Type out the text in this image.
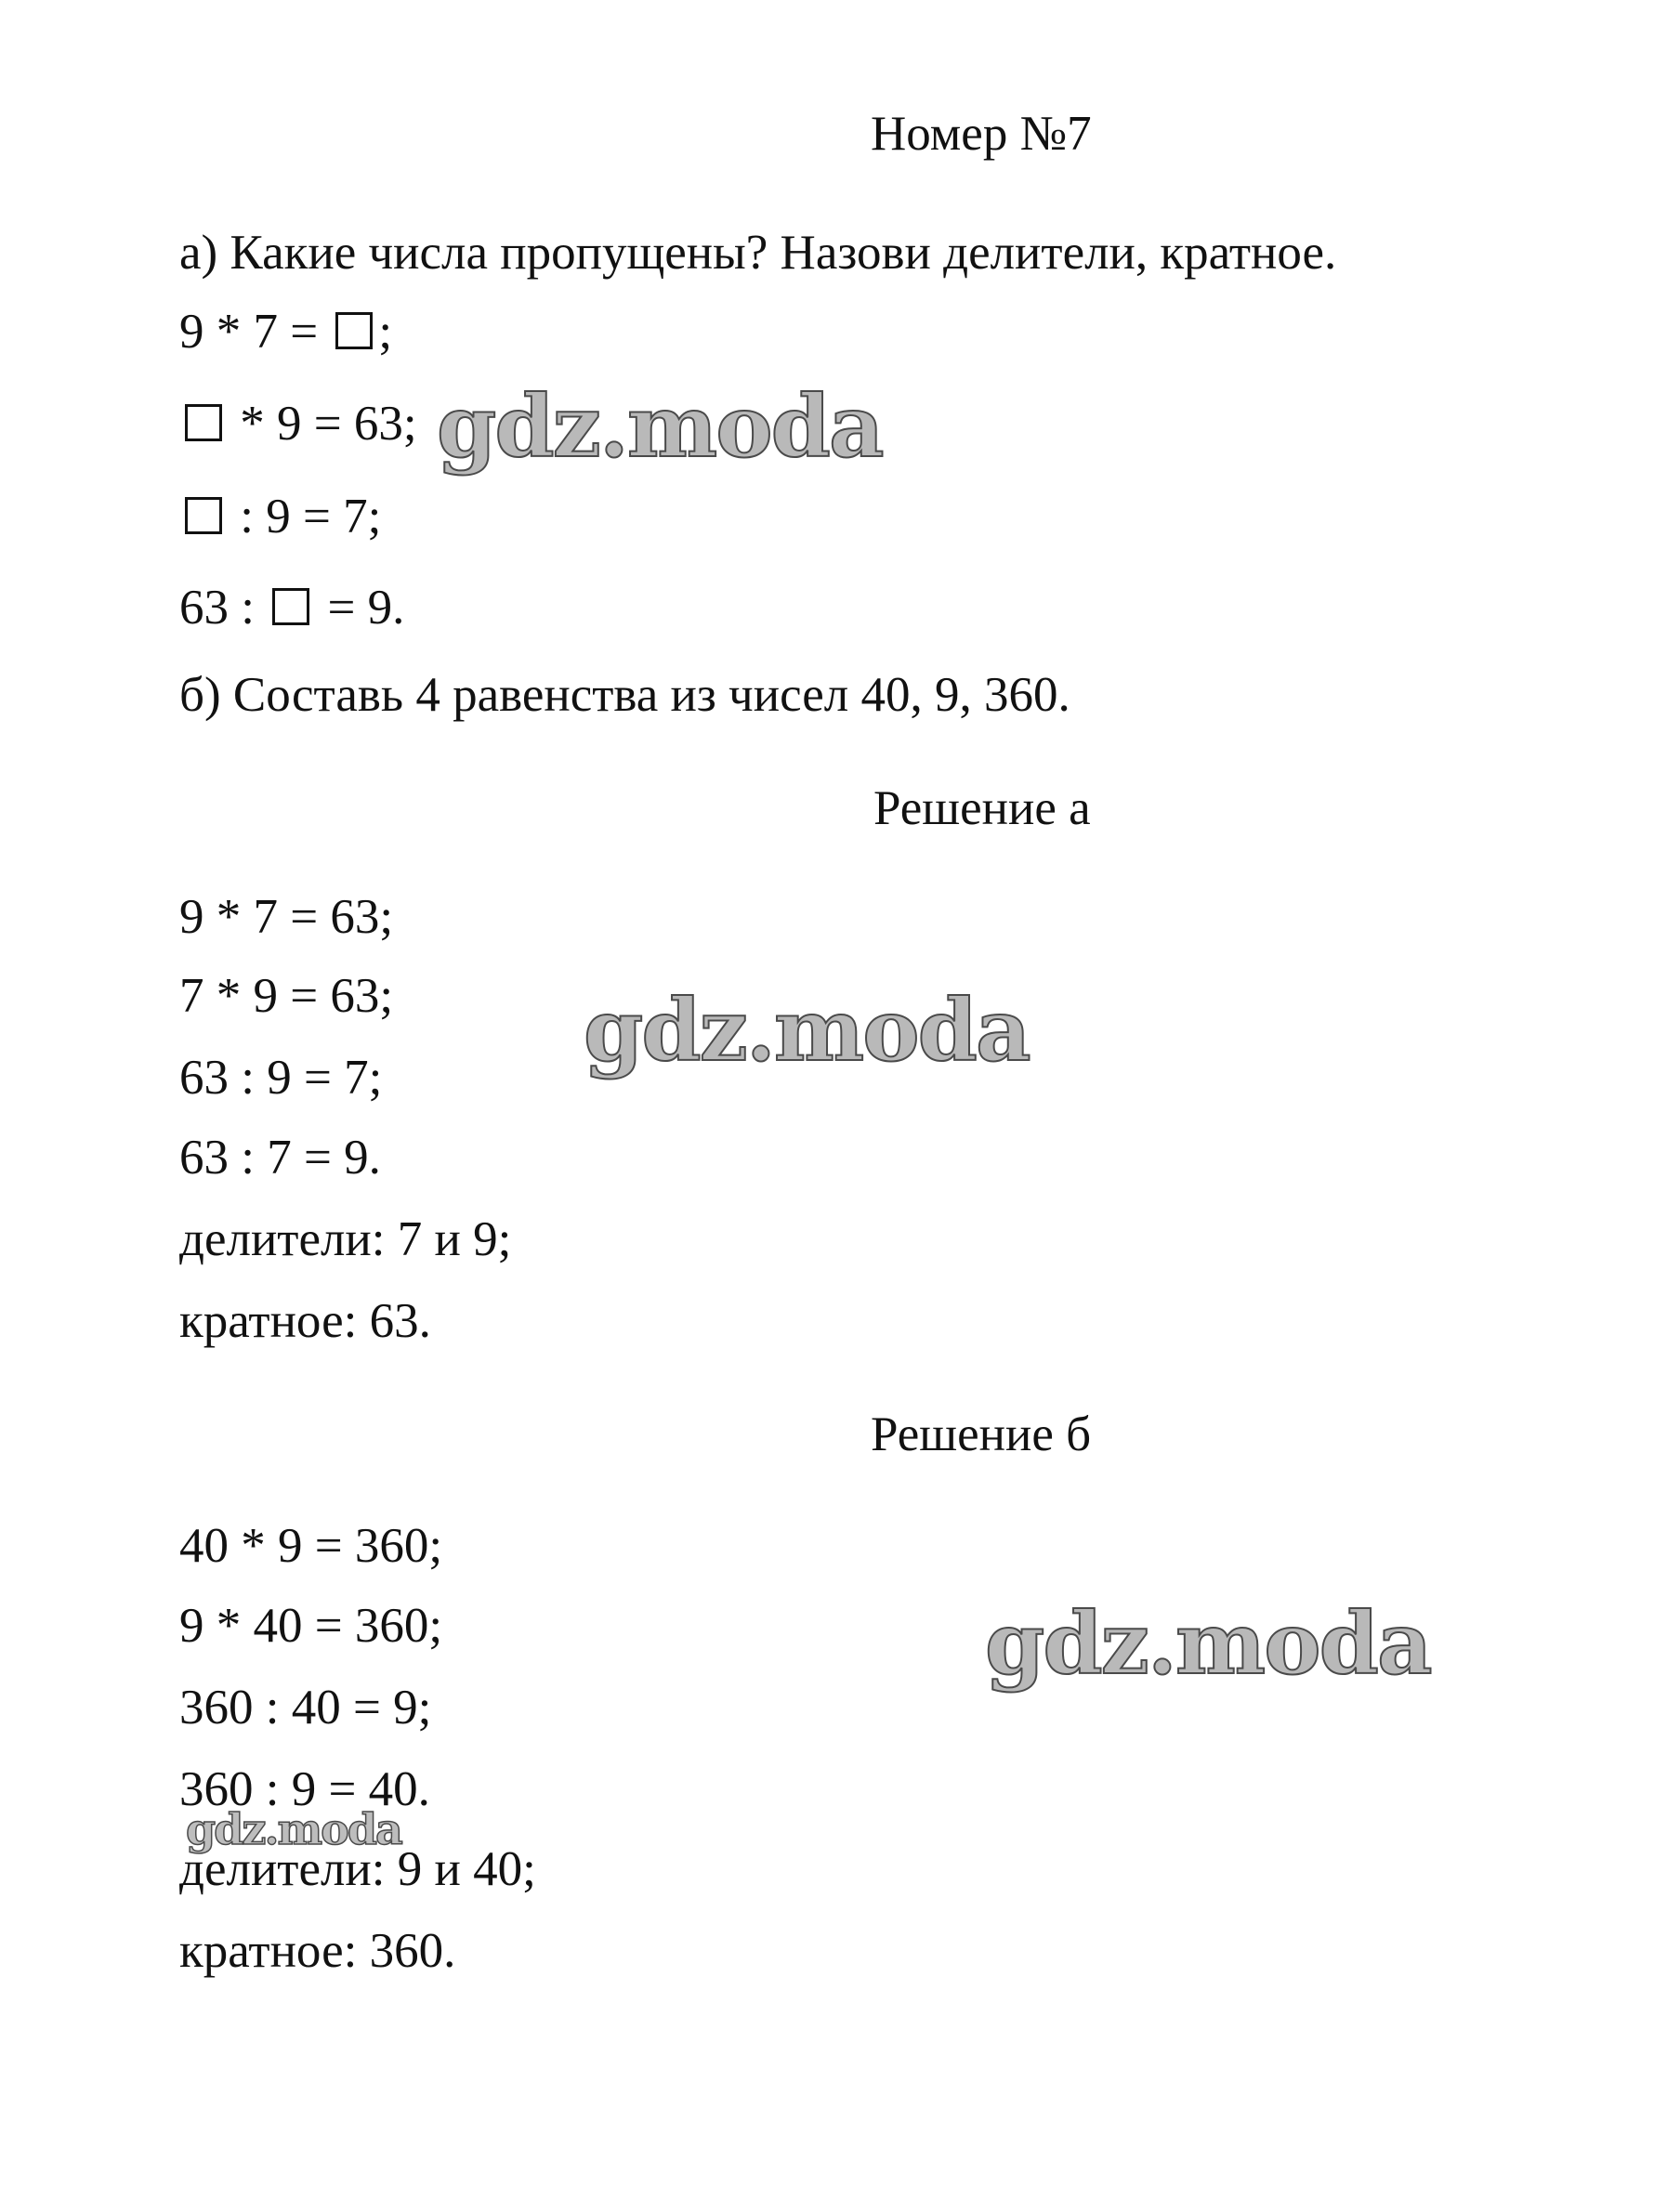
Номер №7
а) Какие числа пропущены? Назови делители, кратное.
9 * 7 = ;
* 9 = 63;
: 9 = 7;
63 :  = 9.
б) Составь 4 равенства из чисел 40, 9, 360.
Решение а
9 * 7 = 63;
7 * 9 = 63;
63 : 9 = 7;
63 : 7 = 9.
делители: 7 и 9;
кратное: 63.
Решение б
40 * 9 = 360;
9 * 40 = 360;
360 : 40 = 9;
360 : 9 = 40.
делители: 9 и 40;
кратное: 360.
gdz.moda
gdz.moda
gdz.moda
gdz.moda
